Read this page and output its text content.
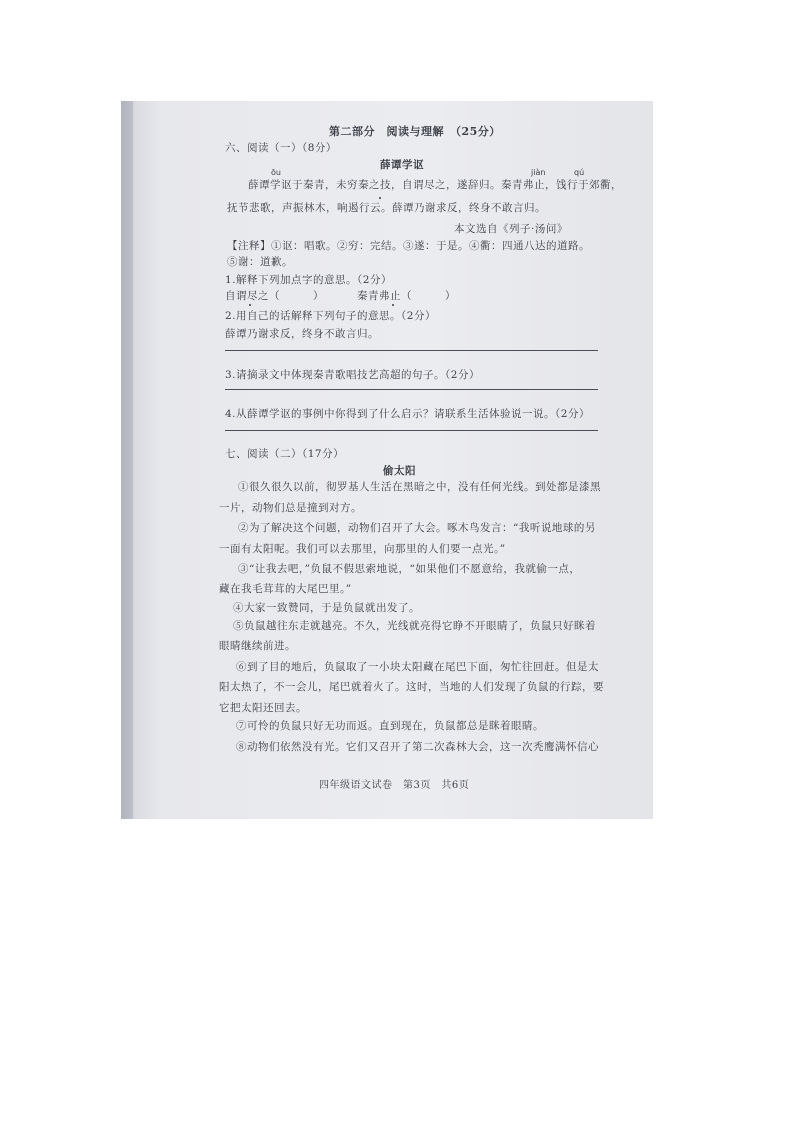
第二部分　阅读与理解　（25分）
六、阅读（一）（8分）
薛谭学讴
ōu	jiàn	qú
薛谭学讴于秦青，未穷秦之技，自谓尽之，遂辞归。秦青弗止，饯行于郊衢，
抚节悲歌，声振林木，响遏行云。薛谭乃谢求反，终身不敢言归。
本文选自《列子·汤问》
【注释】①讴：唱歌。②穷：完结。③遂：于是。④衢：四通八达的道路。
⑤谢：道歉。
1.解释下列加点字的意思。（2分）
自谓尽之（　　　）	秦青弗止（　　　）
2.用自己的话解释下列句子的意思。（2分）
薛谭乃谢求反，终身不敢言归。
3.请摘录文中体现秦青歌唱技艺高超的句子。（2分）
4.从薛谭学讴的事例中你得到了什么启示？请联系生活体验说一说。（2分）
七、阅读（二）（17分）
偷太阳
①很久很久以前，彻罗基人生活在黑暗之中，没有任何光线。到处都是漆黑
一片，动物们总是撞到对方。
②为了解决这个问题，动物们召开了大会。啄木鸟发言：“我听说地球的另
一面有太阳呢。我们可以去那里，向那里的人们要一点光。”
③“让我去吧，”负鼠不假思索地说，“如果他们不愿意给，我就偷一点，
藏在我毛茸茸的大尾巴里。”
④大家一致赞同，于是负鼠就出发了。
⑤负鼠越往东走就越亮。不久，光线就亮得它睁不开眼睛了，负鼠只好眯着
眼睛继续前进。
⑥到了目的地后，负鼠取了一小块太阳藏在尾巴下面，匆忙往回赶。但是太
阳太热了，不一会儿，尾巴就着火了。这时，当地的人们发现了负鼠的行踪，要
它把太阳还回去。
⑦可怜的负鼠只好无功而返。直到现在，负鼠都总是眯着眼睛。
⑧动物们依然没有光。它们又召开了第二次森林大会，这一次秃鹰满怀信心
四年级语文试卷　第3页　共6页
